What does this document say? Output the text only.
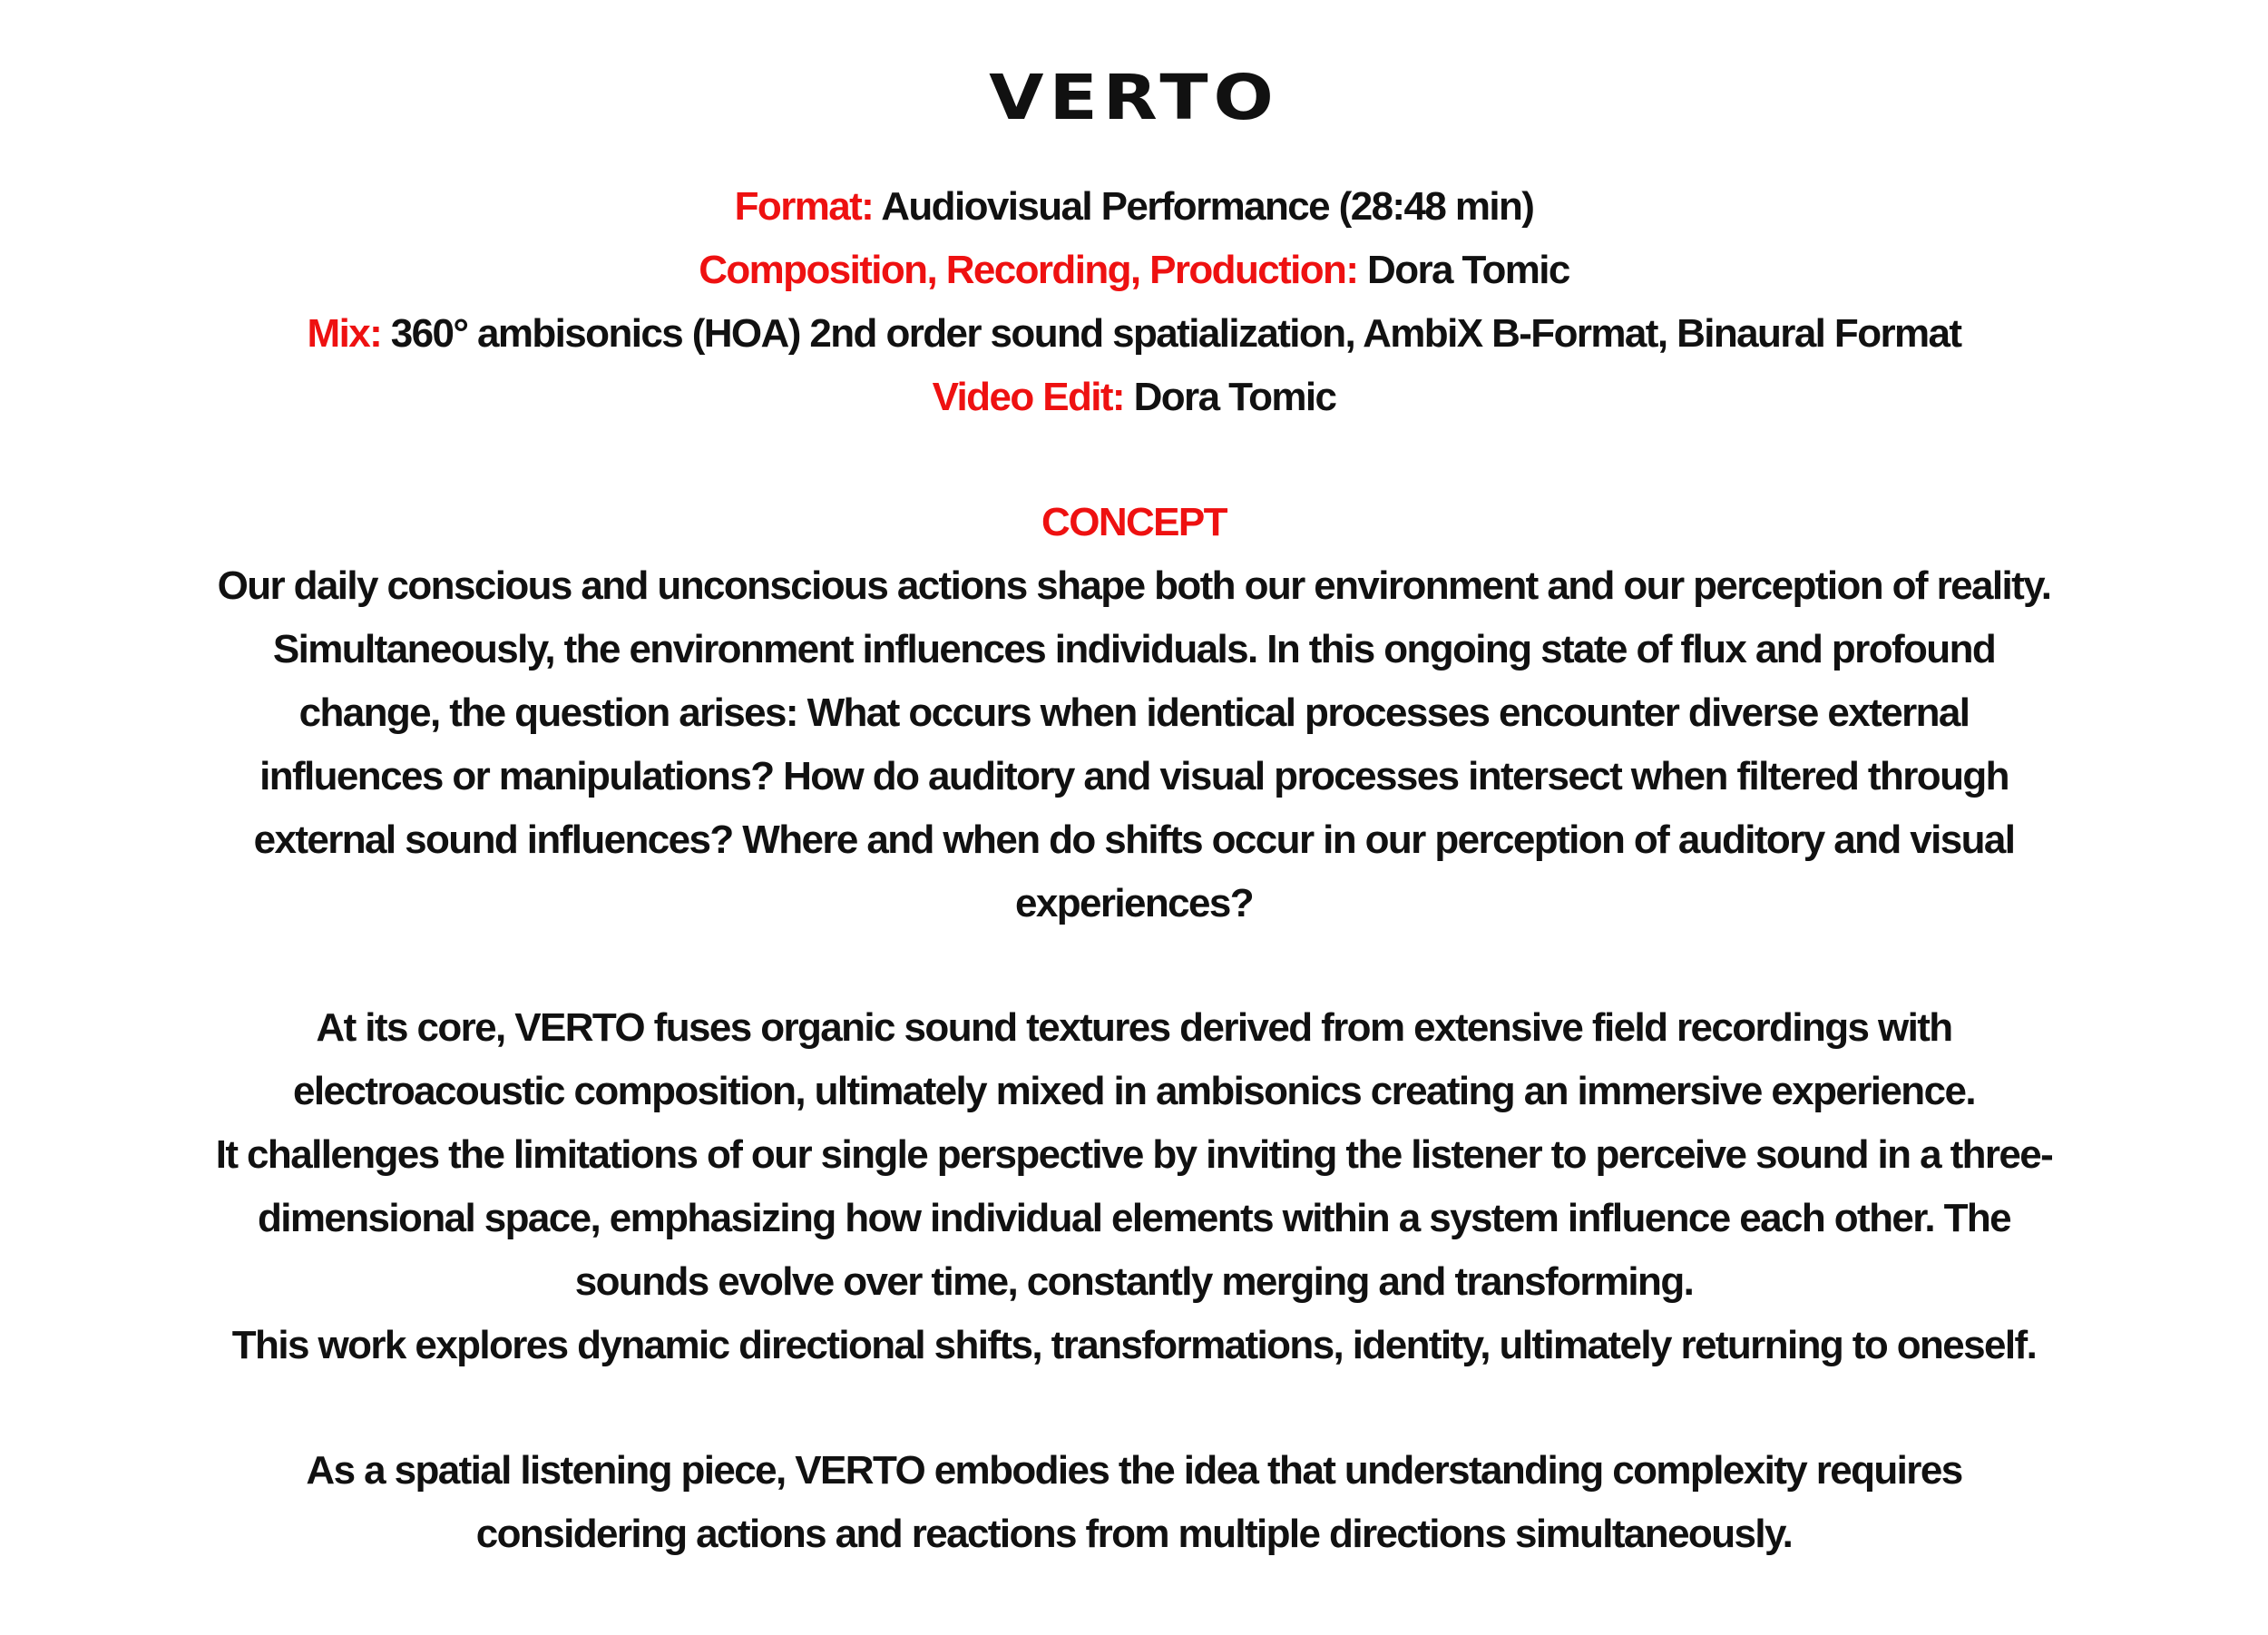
VERTO

Format: Audiovisual Performance (28:48 min)

Composition, Recording, Production: Dora Tomic

Mix: 360° ambisonics (HOA) 2nd order sound spatialization, AmbiX B-Format, Binaural Format

Video Edit: Dora Tomic

CONCEPT

Our daily conscious and unconscious actions shape both our environment and our perception of reality.

Simultaneously, the environment influences individuals. In this ongoing state of flux and profound

change, the question arises: What occurs when identical processes encounter diverse external

influences or manipulations? How do auditory and visual processes intersect when filtered through

external sound influences? Where and when do shifts occur in our perception of auditory and visual

experiences?

At its core, VERTO fuses organic sound textures derived from extensive field recordings with

electroacoustic composition, ultimately mixed in ambisonics creating an immersive experience.

It challenges the limitations of our single perspective by inviting the listener to perceive sound in a three-

dimensional space, emphasizing how individual elements within a system influence each other. The

sounds evolve over time, constantly merging and transforming.

This work explores dynamic directional shifts, transformations, identity, ultimately returning to oneself.

As a spatial listening piece, VERTO embodies the idea that understanding complexity requires

considering actions and reactions from multiple directions simultaneously.
